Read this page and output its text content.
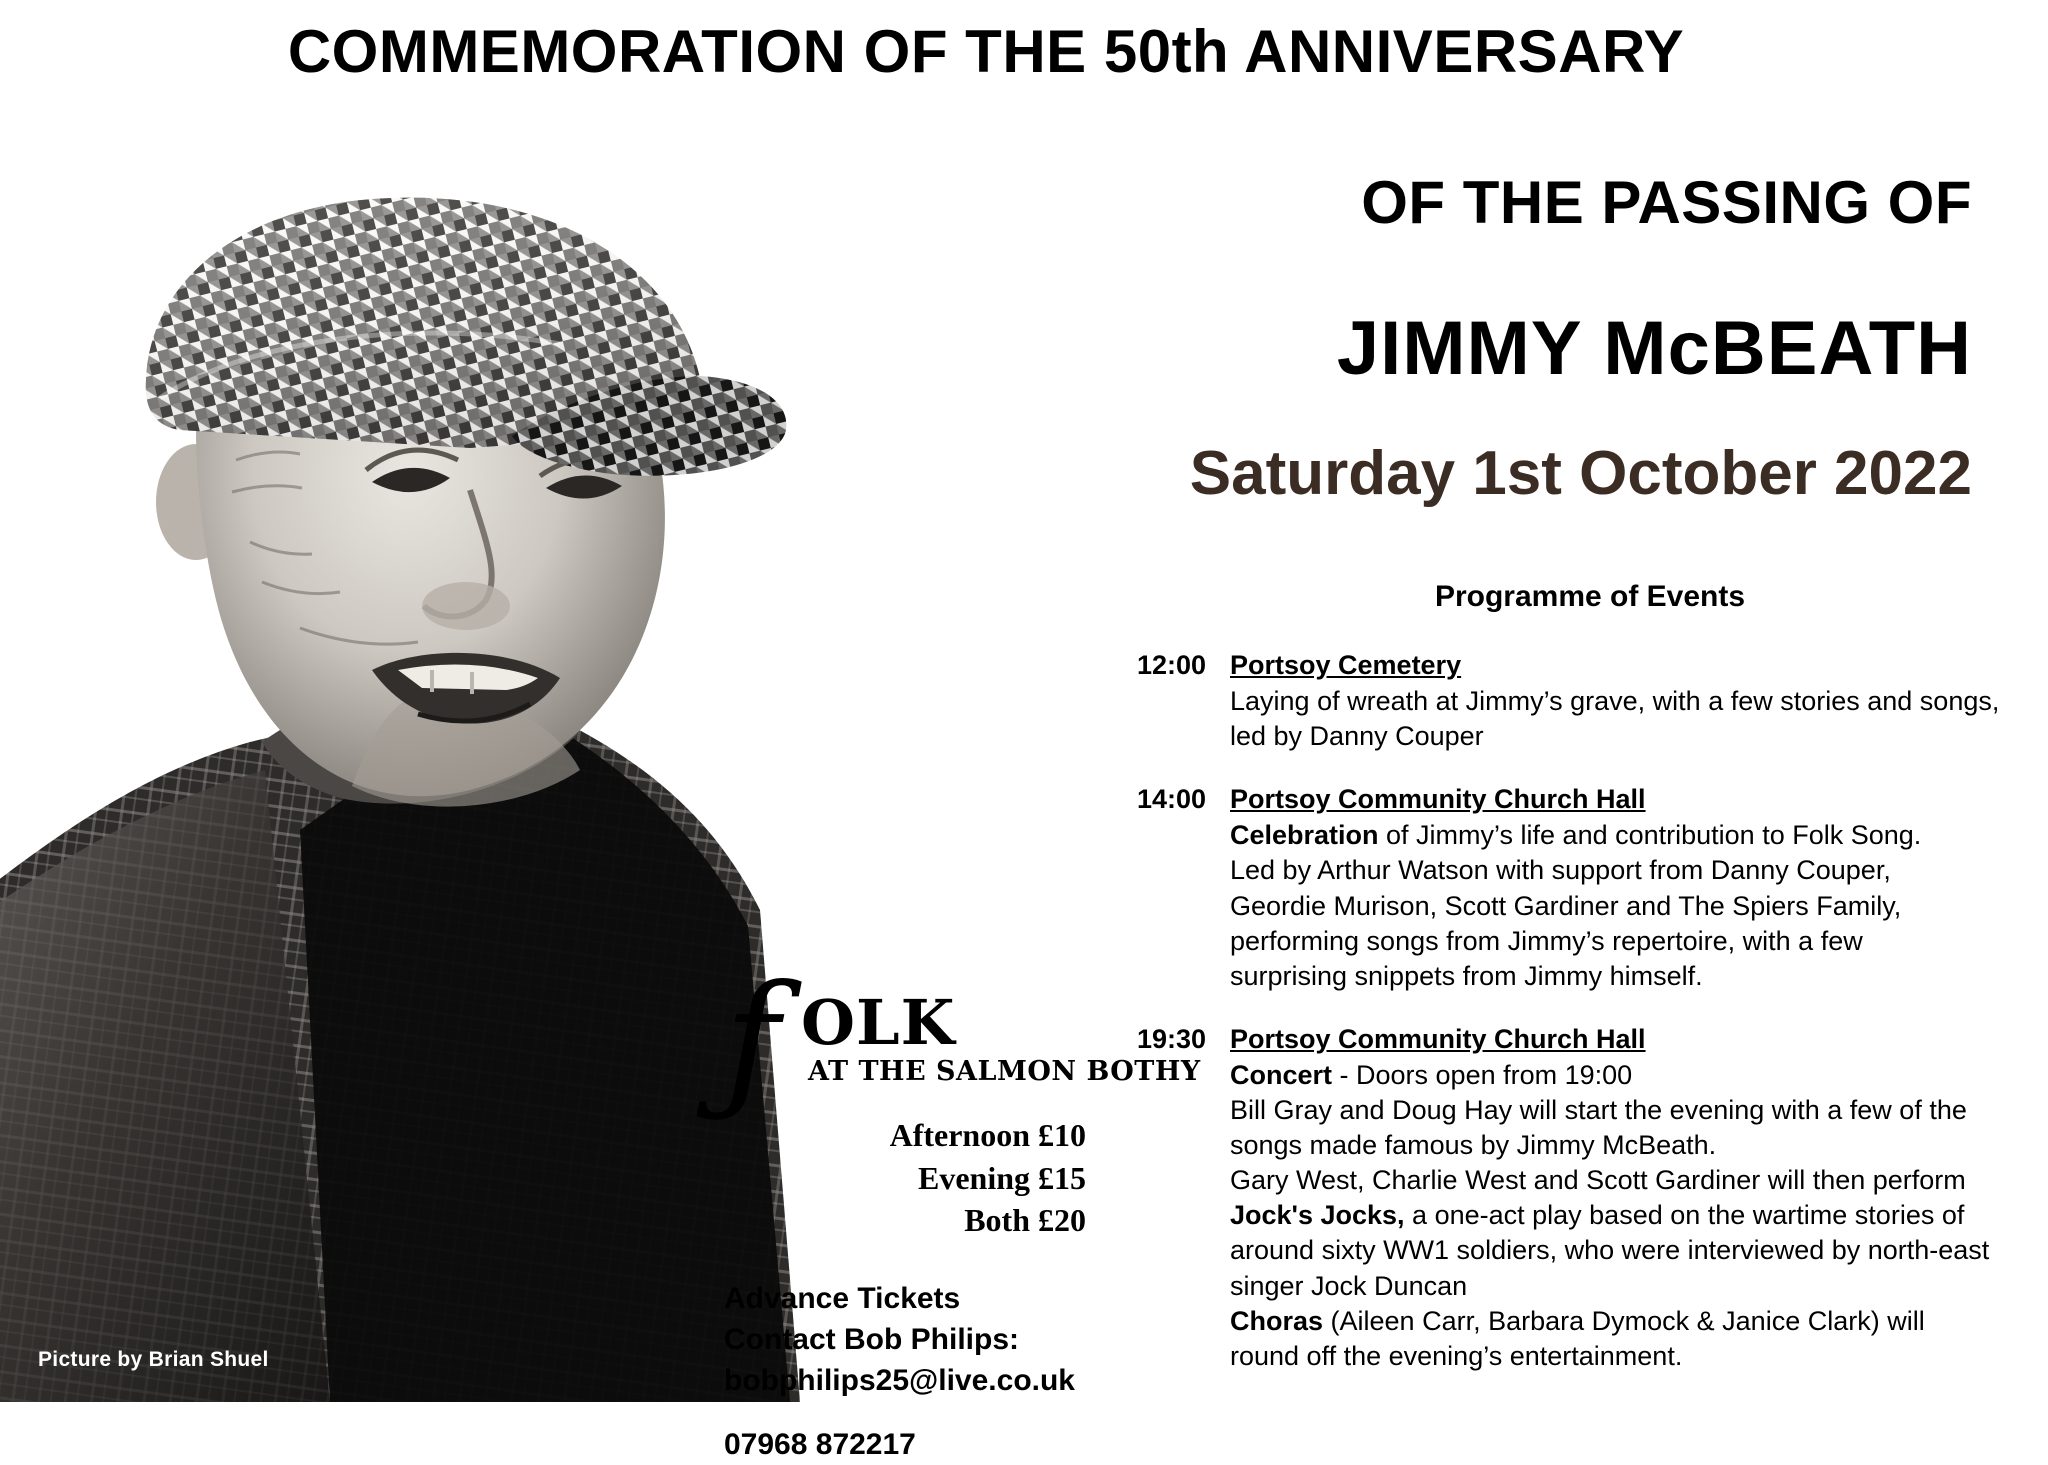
COMMEMORATION OF THE 50th ANNIVERSARY
OF THE PASSING OF
JIMMY McBEATH
Saturday 1st October 2022
Picture by Brian Shuel
ƒ OLK
AT THE SALMON BOTHY
Afternoon £10
Evening £15
Both £20
Advance Tickets
Contact Bob Philips:
bobphilips25@live.co.uk
07968 872217
Programme of Events
12:00 Portsoy Cemetery
Laying of wreath at Jimmy’s grave, with a few stories and songs,
led by Danny Couper
14:00 Portsoy Community Church Hall
Celebration of Jimmy’s life and contribution to Folk Song.
Led by Arthur Watson with support from Danny Couper,
Geordie Murison, Scott Gardiner and The Spiers Family,
performing songs from Jimmy’s repertoire, with a few
surprising snippets from Jimmy himself.
19:30 Portsoy Community Church Hall
Concert - Doors open from 19:00
Bill Gray and Doug Hay will start the evening with a few of the
songs made famous by Jimmy McBeath.
Gary West, Charlie West and Scott Gardiner will then perform
Jock's Jocks, a one-act play based on the wartime stories of
around sixty WW1 soldiers, who were interviewed by north-east
singer Jock Duncan
Choras (Aileen Carr, Barbara Dymock & Janice Clark) will
round off the evening’s entertainment.
